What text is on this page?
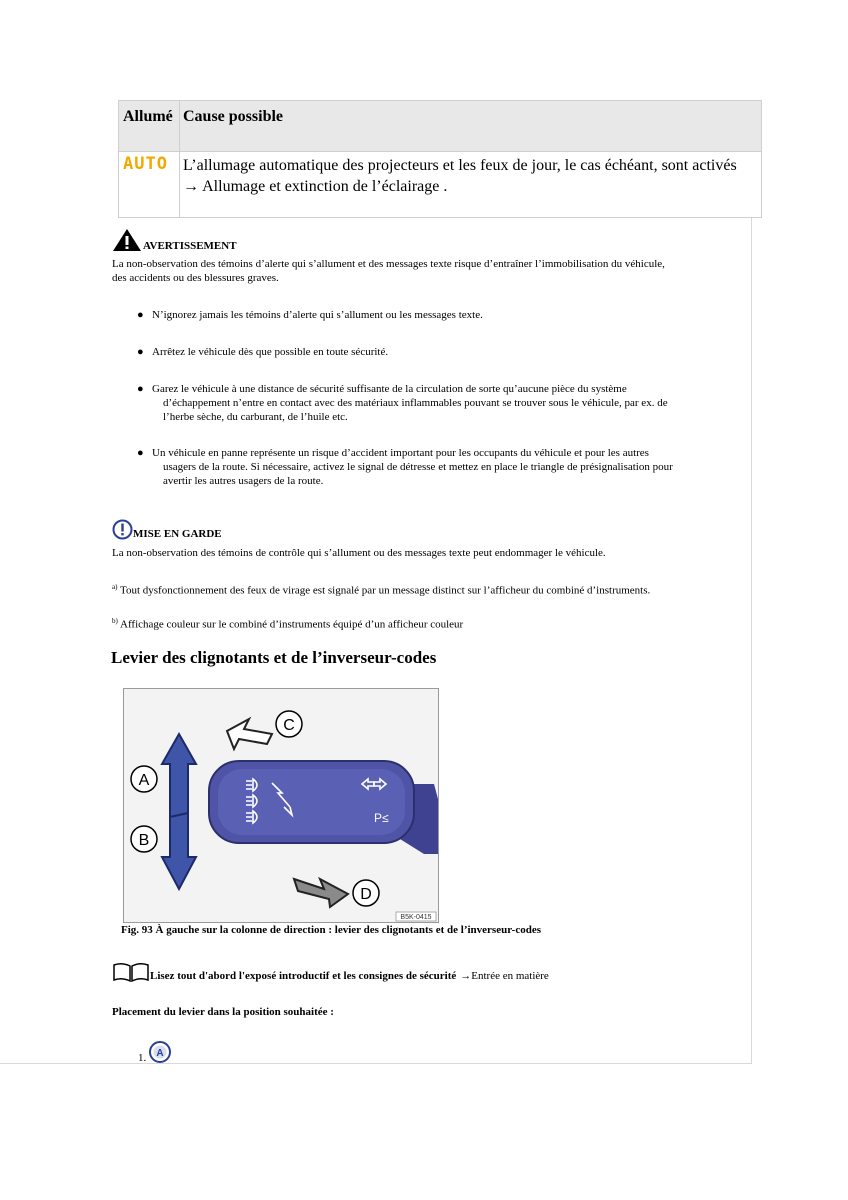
Allumé Cause possible
AUTO L’allumage automatique des projecteurs et les feux de jour, le cas échéant, sont activés → Allumage et extinction de l’éclairage .
AVERTISSEMENT
La non-observation des témoins d’alerte qui s’allument et des messages texte risque d’entraîner l’immobilisation du véhicule,
des accidents ou des blessures graves.
● N’ignorez jamais les témoins d’alerte qui s’allument ou les messages texte.
● Arrêtez le véhicule dès que possible en toute sécurité.
● Garez le véhicule à une distance de sécurité suffisante de la circulation de sorte qu’aucune pièce du système
d’échappement n’entre en contact avec des matériaux inflammables pouvant se trouver sous le véhicule, par ex. de
l’herbe sèche, du carburant, de l’huile etc.
● Un véhicule en panne représente un risque d’accident important pour les occupants du véhicule et pour les autres
usagers de la route. Si nécessaire, activez le signal de détresse et mettez en place le triangle de présignalisation pour
avertir les autres usagers de la route.
MISE EN GARDE
La non-observation des témoins de contrôle qui s’allument ou des messages texte peut endommager le véhicule.
$^{a)}$ Tout dysfonctionnement des feux de virage est signalé par un message distinct sur l’afficheur du combiné d’instruments.
$^{b)}$ Affichage couleur sur le combiné d’instruments équipé d’un afficheur couleur
Levier des clignotants et de l’inverseur-codes
P≤
A
B
C
D
B5K-0415
Fig. 93 À gauche sur la colonne de direction : levier des clignotants et de l’inverseur-codes
Lisez tout d'abord l'exposé introductif et les consignes de sécurité →Entrée en matière
Placement du levier dans la position souhaitée :
1. A
